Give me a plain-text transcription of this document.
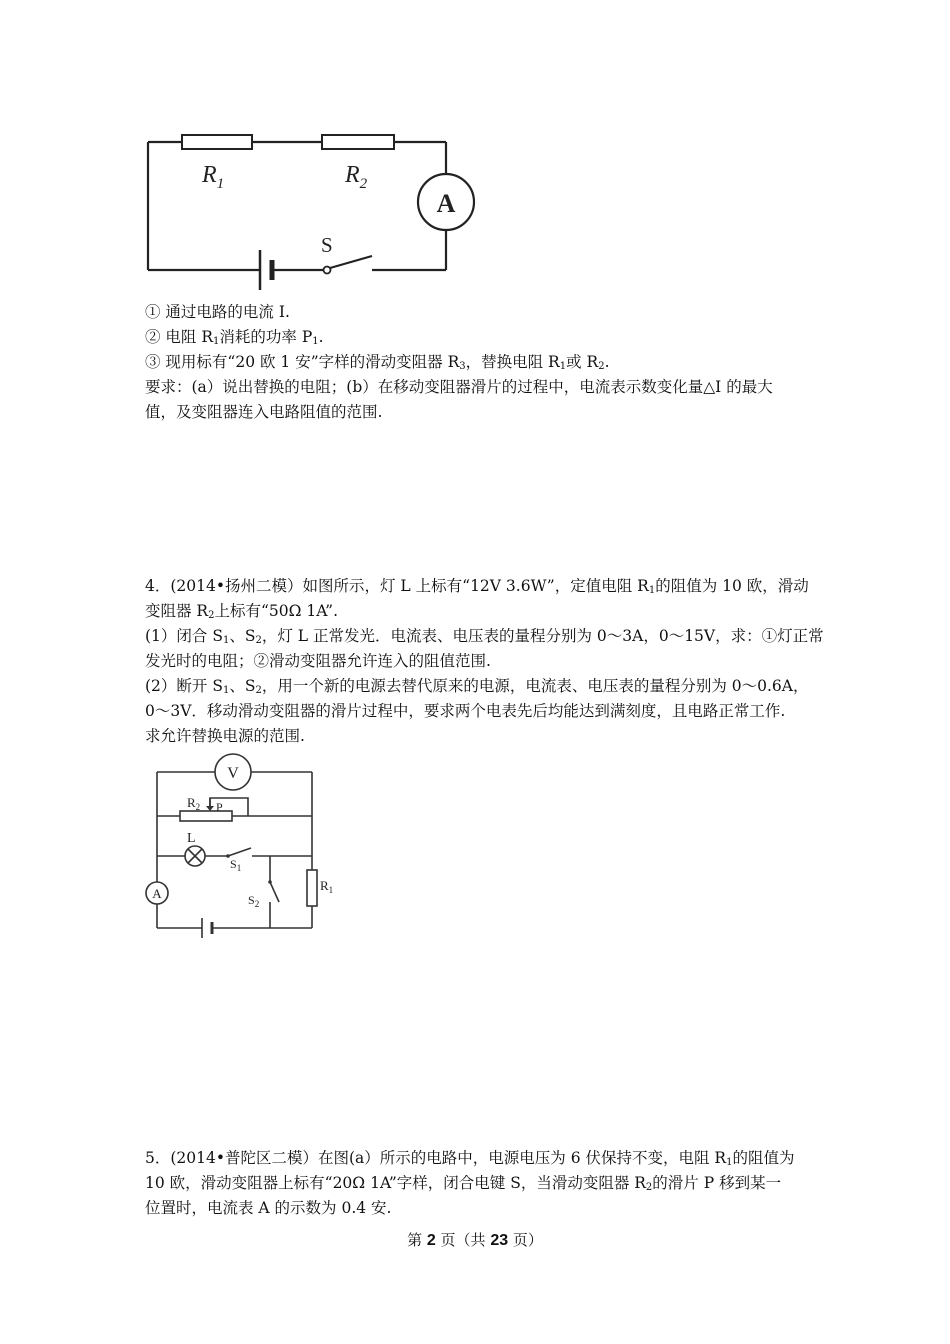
$R_1$	$R_2$
A
S
① 通过电路的电流 I.
② 电阻 $R_1$消耗的功率 $P_1$.
③ 现用标有“20 欧 1 安”字样的滑动变阻器 $R_3$，替换电阻 $R_1$或 $R_2$.
要求：(a）说出替换的电阻；(b）在移动变阻器滑片的过程中，电流表示数变化量△I 的最大
值，及变阻器连入电路阻值的范围.
4．(2014•扬州二模）如图所示，灯 L 上标有“12V 3.6W”，定值电阻 $R_1$的阻值为 10 欧，滑动
变阻器 $R_2$上标有“50Ω 1A”.
(1）闭合 $S_1$、$S_2$，灯 L 正常发光．电流表、电压表的量程分别为 0～3A，0～15V，求：①灯正常
发光时的电阻；②滑动变阻器允许连入的阻值范围.
(2）断开 $S_1$、$S_2$，用一个新的电源去替代原来的电源，电流表、电压表的量程分别为 0～0.6A，
0～3V．移动滑动变阻器的滑片过程中，要求两个电表先后均能达到满刻度，且电路正常工作.
求允许替换电源的范围.
V
$R_2$ P
L
$S_1$
$S_2$
$R_1$
A
5．(2014•普陀区二模）在图(a）所示的电路中，电源电压为 6 伏保持不变，电阻 $R_1$的阻值为
10 欧，滑动变阻器上标有“20Ω 1A”字样，闭合电键 S，当滑动变阻器 $R_2$的滑片 P 移到某一
位置时，电流表 A 的示数为 0.4 安.
第 2 页（共 23 页）
